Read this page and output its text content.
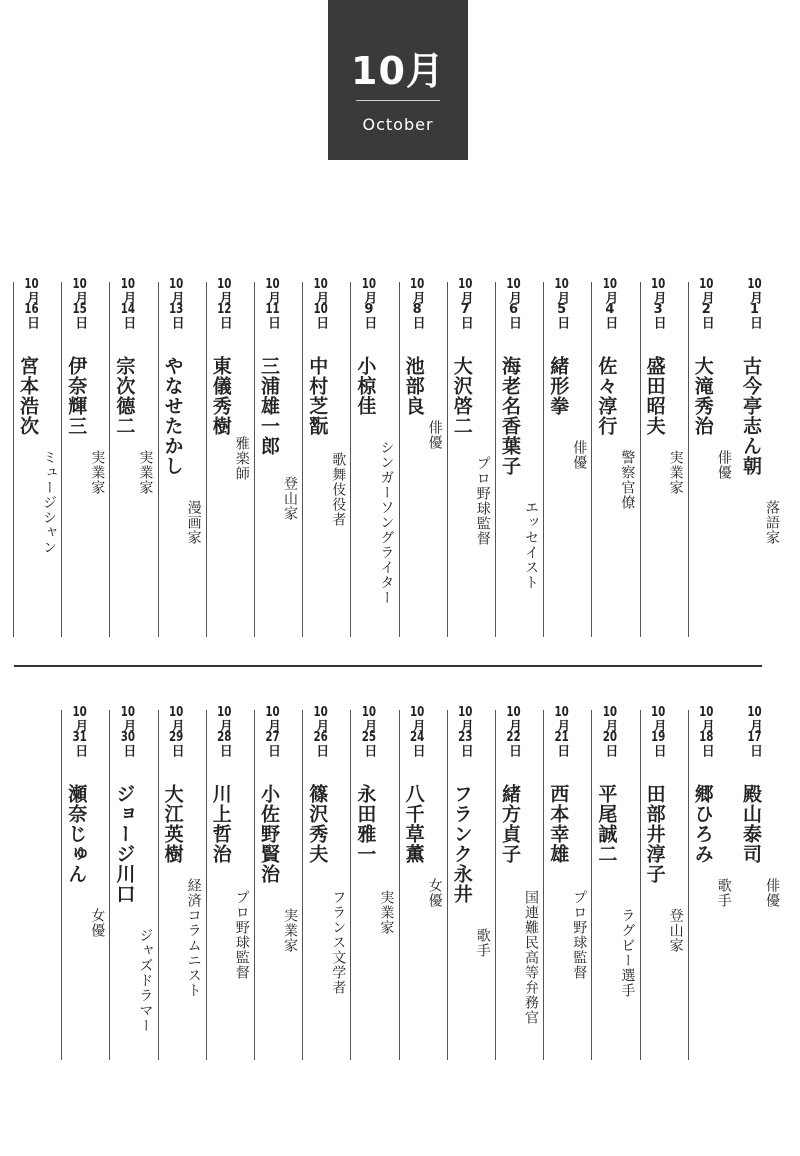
10月
October
10月1日
古今亭志ん朝
落語家
10月2日
大滝秀治
俳優
10月3日
盛田昭夫
実業家
10月4日
佐々淳行
警察官僚
10月5日
緒形拳
俳優
10月6日
海老名香葉子
エッセイスト
10月7日
大沢啓二
プロ野球監督
10月8日
池部良
俳優
10月9日
小椋佳
シンガーソングライター
10月10日
中村芝翫
歌舞伎役者
10月11日
三浦雄一郎
登山家
10月12日
東儀秀樹
雅楽師
10月13日
やなせたかし
漫画家
10月14日
宗次德二
実業家
10月15日
伊奈輝三
実業家
10月16日
宮本浩次
ミュージシャン
10月17日
殿山泰司
俳優
10月18日
郷ひろみ
歌手
10月19日
田部井淳子
登山家
10月20日
平尾誠二
ラグビー選手
10月21日
西本幸雄
プロ野球監督
10月22日
緒方貞子
国連難民高等弁務官
10月23日
フランク永井
歌手
10月24日
八千草薫
女優
10月25日
永田雅一
実業家
10月26日
篠沢秀夫
フランス文学者
10月27日
小佐野賢治
実業家
10月28日
川上哲治
プロ野球監督
10月29日
大江英樹
経済コラムニスト
10月30日
ジョージ川口
ジャズドラマー
10月31日
瀬奈じゅん
女優
